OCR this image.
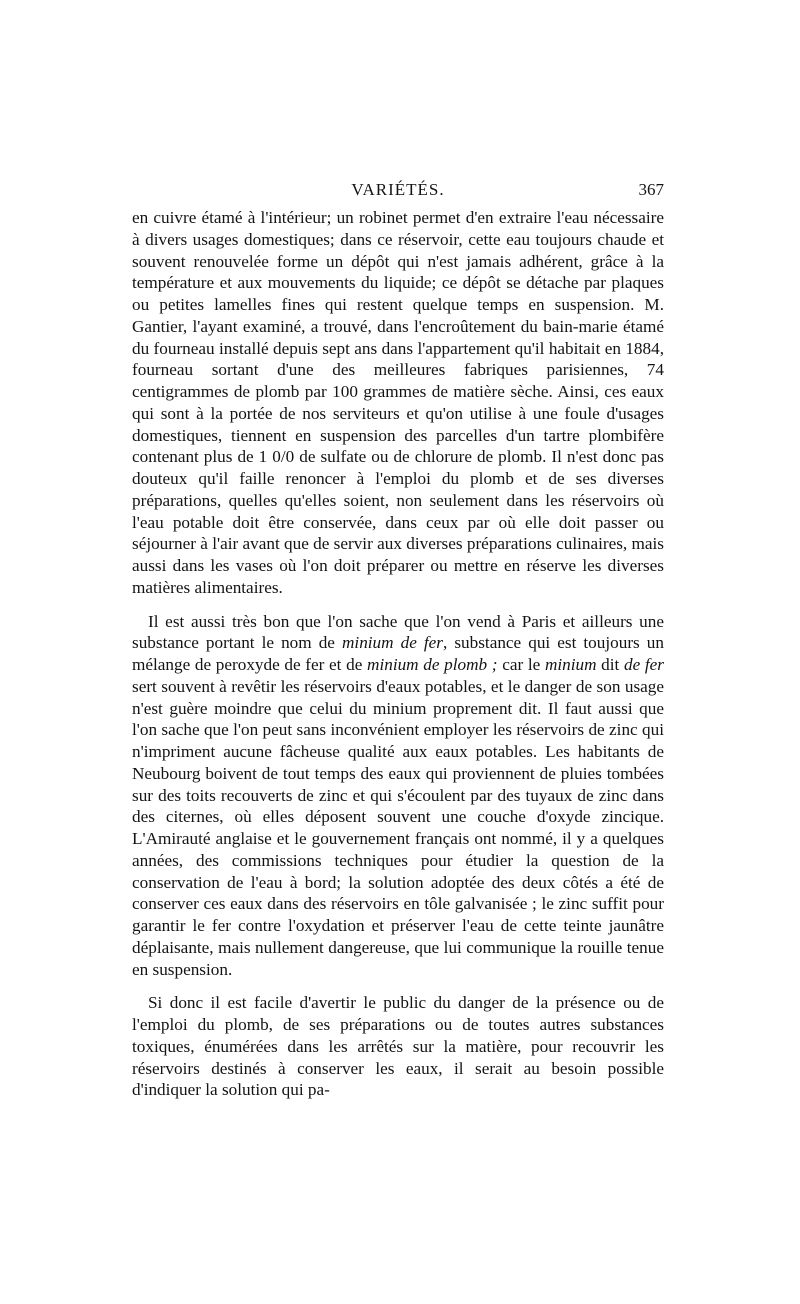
VARIÉTÉS.	367

en cuivre étamé à l'intérieur; un robinet permet d'en extraire l'eau nécessaire à divers usages domestiques; dans ce réservoir, cette eau toujours chaude et souvent renouvelée forme un dépôt qui n'est jamais adhérent, grâce à la température et aux mouvements du liquide; ce dépôt se détache par plaques ou petites lamelles fines qui restent quelque temps en suspension. M. Gantier, l'ayant examiné, a trouvé, dans l'encroûtement du bain-marie étamé du fourneau installé depuis sept ans dans l'appartement qu'il habitait en 1884, fourneau sortant d'une des meilleures fabriques parisiennes, 74 centigrammes de plomb par 100 grammes de matière sèche. Ainsi, ces eaux qui sont à la portée de nos serviteurs et qu'on utilise à une foule d'usages domestiques, tiennent en suspension des parcelles d'un tartre plombifère contenant plus de 1 0/0 de sulfate ou de chlorure de plomb. Il n'est donc pas douteux qu'il faille renoncer à l'emploi du plomb et de ses diverses préparations, quelles qu'elles soient, non seulement dans les réservoirs où l'eau potable doit être conservée, dans ceux par où elle doit passer ou séjourner à l'air avant que de servir aux diverses préparations culinaires, mais aussi dans les vases où l'on doit préparer ou mettre en réserve les diverses matières alimentaires.

Il est aussi très bon que l'on sache que l'on vend à Paris et ailleurs une substance portant le nom de minium de fer, substance qui est toujours un mélange de peroxyde de fer et de minium de plomb ; car le minium dit de fer sert souvent à revêtir les réservoirs d'eaux potables, et le danger de son usage n'est guère moindre que celui du minium proprement dit. Il faut aussi que l'on sache que l'on peut sans inconvénient employer les réservoirs de zinc qui n'impriment aucune fâcheuse qualité aux eaux potables. Les habitants de Neubourg boivent de tout temps des eaux qui proviennent de pluies tombées sur des toits recouverts de zinc et qui s'écoulent par des tuyaux de zinc dans des citernes, où elles déposent souvent une couche d'oxyde zincique. L'Amirauté anglaise et le gouvernement français ont nommé, il y a quelques années, des commissions techniques pour étudier la question de la conservation de l'eau à bord; la solution adoptée des deux côtés a été de conserver ces eaux dans des réservoirs en tôle galvanisée ; le zinc suffit pour garantir le fer contre l'oxydation et préserver l'eau de cette teinte jaunâtre déplaisante, mais nullement dangereuse, que lui communique la rouille tenue en suspension.

Si donc il est facile d'avertir le public du danger de la présence ou de l'emploi du plomb, de ses préparations ou de toutes autres substances toxiques, énumérées dans les arrêtés sur la matière, pour recouvrir les réservoirs destinés à conserver les eaux, il serait au besoin possible d'indiquer la solution qui pa-
